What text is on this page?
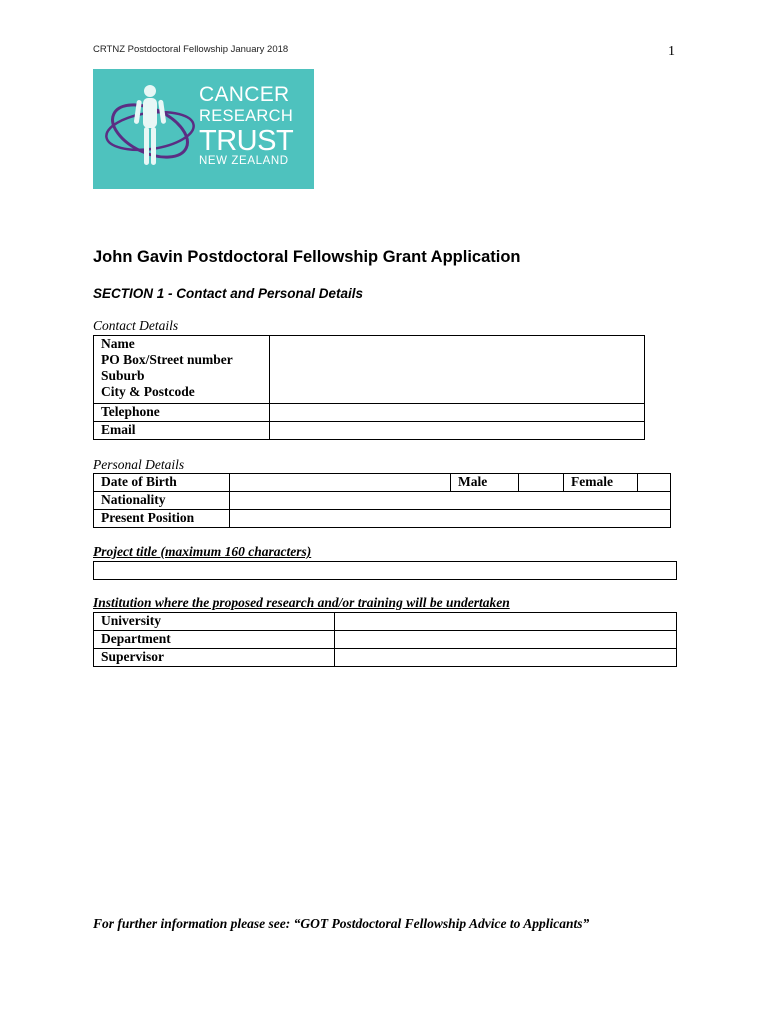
CRTNZ Postdoctoral Fellowship January 2018	1
CANCER
RESEARCH
TRUST
NEW ZEALAND
John Gavin Postdoctoral Fellowship Grant Application
SECTION 1 - Contact and Personal Details
Contact Details
Name
PO Box/Street number
Suburb
City & Postcode	

Telephone	
Email	
Personal Details
Date of Birth		Male		Female	
Nationality					
Present Position					
Project title (maximum 160 characters)
Institution where the proposed research and/or training will be undertaken
University	
Department	
Supervisor	
For further information please see: “GOT Postdoctoral Fellowship Advice to Applicants”
